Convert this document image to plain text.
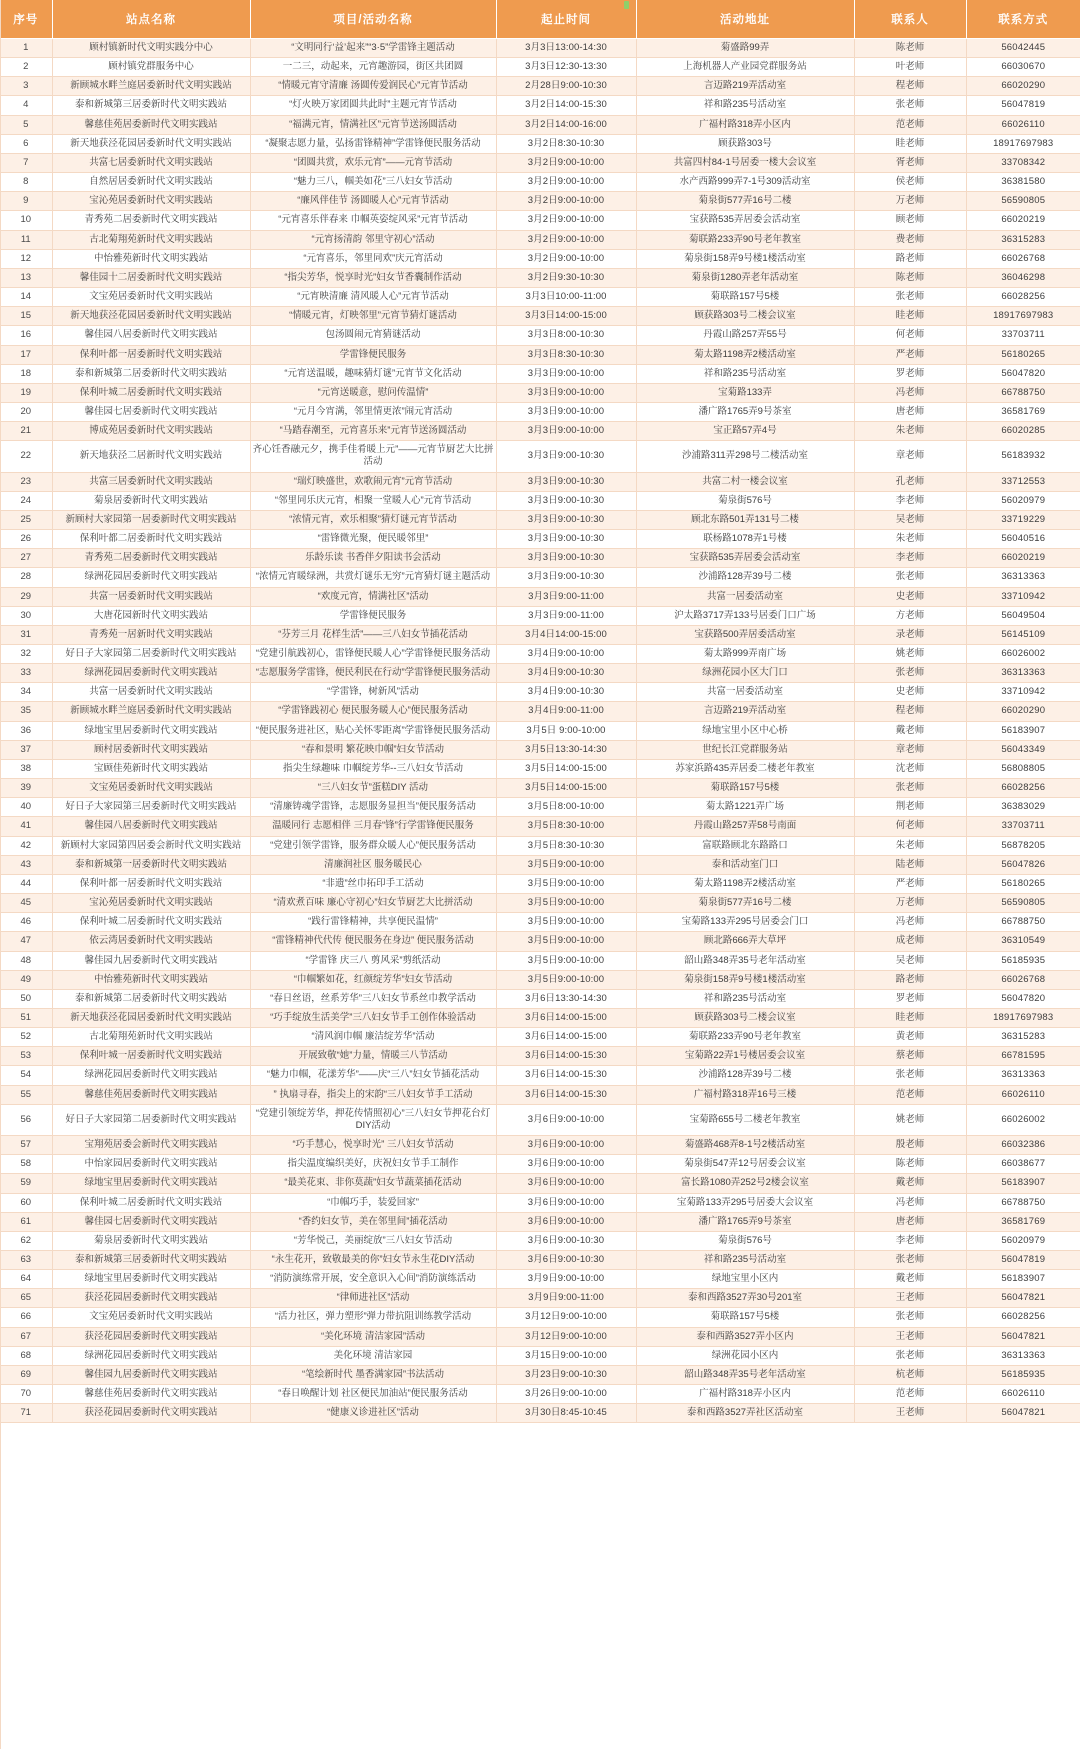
序号	站点名称	项目/活动名称	起止时间	活动地址	联系人	联系方式
1	顾村镇新时代文明实践分中心	“文明同行‘益’起来”“3·5”学雷锋主题活动	3月3日13:00-14:30	菊盛路99弄	陈老师	56042445
2	顾村镇党群服务中心	一二三，动起来，元宵趣游园，街区共团圆	3月3日12:30-13:30	上海机器人产业园党群服务站	叶老师	66030670
3	新顾城水畔兰庭居委新时代文明实践站	“情暖元宵守清廉 汤圆传爱润民心”元宵节活动	2月28日9:00-10:30	言迈路219弄活动室	程老师	66020290
4	泰和新城第三居委新时代文明实践站	“灯火映万家团圆共此时”主题元宵节活动	3月2日14:00-15:30	祥和路235号活动室	张老师	56047819
5	馨慈佳苑居委新时代文明实践站	“福满元宵，情满社区”元宵节送汤圆活动	3月2日14:00-16:00	广福村路318弄小区内	范老师	66026110
6	新天地获泾花园居委新时代文明实践站	“凝聚志愿力量，弘扬雷锋精神”学雷锋便民服务活动	3月2日8:30-10:30	顾获路303号	眭老师	18917697983
7	共富七居委新时代文明实践站	“团圆共赏，欢乐元宵”——元宵节活动	3月2日9:00-10:00	共富四村84-1号居委一楼大会议室	胥老师	33708342
8	自然居居委新时代文明实践站	“魅力三八，帼美如花”三八妇女节活动	3月2日9:00-10:00	水产西路999弄7-1号309活动室	侯老师	36381580
9	宝沁苑居委新时代文明实践站	“廉风伴佳节 汤圆暖人心”元宵节活动	3月2日9:00-10:00	菊泉街577弄16号二楼	万老师	56590805
10	青秀苑二居委新时代文明实践站	“元宵喜乐伴春来 巾帼英姿绽风采”元宵节活动	3月2日9:00-10:00	宝获路535弄居委会活动室	顾老师	66020219
11	古北菊翔苑新时代文明实践站	“元宵扬清韵 邻里守初心”活动	3月2日9:00-10:00	菊联路233弄90号老年教室	费老师	36315283
12	中怡雅苑新时代文明实践站	“元宵喜乐，邻里同欢”庆元宵活动	3月2日9:00-10:00	菊泉街158弄9号楼1楼活动室	路老师	66026768
13	馨佳园十二居委新时代文明实践站	“指尖芳华，悦享时光”妇女节香囊制作活动	3月2日9:30-10:30	菊泉街1280弄老年活动室	陈老师	36046298
14	文宝苑居委新时代文明实践站	“元宵映清廉 清风暖人心”元宵节活动	3月3日10:00-11:00	菊联路157号5楼	张老师	66028256
15	新天地获泾花园居委新时代文明实践站	“情暖元宵，灯映邻里”元宵节猜灯谜活动	3月3日14:00-15:00	顾获路303号二楼会议室	眭老师	18917697983
16	馨佳园八居委新时代文明实践站	包汤圆闹元宵猜谜活动	3月3日8:00-10:30	丹霞山路257弄55号	何老师	33703711
17	保利叶都一居委新时代文明实践站	学雷锋便民服务	3月3日8:30-10:30	菊太路1198弄2楼活动室	严老师	56180265
18	泰和新城第二居委新时代文明实践站	“元宵送温暖，趣味猜灯谜”元宵节文化活动	3月3日9:00-10:00	祥和路235号活动室	罗老师	56047820
19	保利叶城二居委新时代文明实践站	“元宵送暖意，慰问传温情”	3月3日9:00-10:00	宝菊路133弄	冯老师	66788750
20	馨佳园七居委新时代文明实践站	“元月今宵满，邻里情更浓”闹元宵活动	3月3日9:00-10:00	潘广路1765弄9号茶室	唐老师	36581769
21	博成苑居委新时代文明实践站	“马踏春潮至，元宵喜乐来”元宵节送汤圆活动	3月3日9:00-10:00	宝正路57弄4号	朱老师	66020285
22	新天地获泾二居新时代文明实践站	齐心饪香融元夕，携手佳肴暖上元”——元宵节厨艺大比拼活动	3月3日9:00-10:30	沙浦路311弄298号二楼活动室	章老师	56183932
23	共富三居委新时代文明实践站	“瑞灯映盛世，欢歌闹元宵”元宵节活动	3月3日9:00-10:30	共富二村一楼会议室	孔老师	33712553
24	菊泉居委新时代文明实践站	“邻里同乐庆元宵，相聚一堂暖人心”元宵节活动	3月3日9:00-10:30	菊泉街576号	李老师	56020979
25	新顾村大家园第一居委新时代文明实践站	“浓情元宵，欢乐相聚”猜灯谜元宵节活动	3月3日9:00-10:30	顾北东路501弄131号二楼	吴老师	33719229
26	保利叶都二居委新时代文明实践站	“雷锋微光聚，便民暖邻里”	3月3日9:00-10:30	联杨路1078弄1号楼	朱老师	56040516
27	青秀苑二居委新时代文明实践站	乐龄乐读 书香伴夕阳读书会活动	3月3日9:00-10:30	宝获路535弄居委会活动室	李老师	66020219
28	绿洲花园居委新时代文明实践站	“浓情元宵暖绿洲，共赏灯谜乐无穷”元宵猜灯谜主题活动	3月3日9:00-10:30	沙浦路128弄39号二楼	张老师	36313363
29	共富一居委新时代文明实践站	“欢度元宵，情满社区”活动	3月3日9:00-11:00	共富一居委活动室	史老师	33710942
30	大唐花园新时代文明实践站	学雷锋便民服务	3月3日9:00-11:00	沪太路3717弄133号居委门口广场	方老师	56049504
31	青秀苑一居新时代文明实践站	“芬芳三月 花样生活”——三八妇女节插花活动	3月4日14:00-15:00	宝获路500弄居委活动室	录老师	56145109
32	好日子大家园第二居委新时代文明实践站	“党建引航践初心，雷锋便民暖人心”学雷锋便民服务活动	3月4日9:00-10:00	菊太路999弄南广场	姚老师	66026002
33	绿洲花园居委新时代文明实践站	“志愿服务学雷锋，便民利民在行动”学雷锋便民服务活动	3月4日9:00-10:30	绿洲花园小区大门口	张老师	36313363
34	共富一居委新时代文明实践站	“学雷锋，树新风”活动	3月4日9:00-10:30	共富一居委活动室	史老师	33710942
35	新顾城水畔兰庭居委新时代文明实践站	“学雷锋践初心 便民服务暖人心”便民服务活动	3月4日9:00-11:00	言迈路219弄活动室	程老师	66020290
36	绿地宝里居委新时代文明实践站	“便民服务进社区，贴心关怀零距离”学雷锋便民服务活动	3月5日 9:00-10:00	绿地宝里小区中心桥	戴老师	56183907
37	顾村居委新时代文明实践站	“春和景明 繁花映巾帼”妇女节活动	3月5日13:30-14:30	世纪长江党群服务站	章老师	56043349
38	宝顾佳苑新时代文明实践站	指尖生绿趣味 巾帼绽芳华--三八妇女节活动	3月5日14:00-15:00	苏家浜路435弄居委二楼老年教室	沈老师	56808805
39	文宝苑居委新时代文明实践站	“三八妇女节”蛋糕DIY 活动	3月5日14:00-15:00	菊联路157号5楼	张老师	66028256
40	好日子大家园第三居委新时代文明实践站	“清廉铸魂学雷锋，志愿服务显担当”便民服务活动	3月5日8:00-10:00	菊太路1221弄广场	荆老师	36383029
41	馨佳园八居委新时代文明实践站	温暖同行 志愿相伴 三月春“锋”行学雷锋便民服务	3月5日8:30-10:00	丹霞山路257弄58号南面	何老师	33703711
42	新顾村大家园第四居委会新时代文明实践站	“党建引领学雷锋，服务群众暖人心”便民服务活动	3月5日8:30-10:30	富联路顾北东路路口	朱老师	56878205
43	泰和新城第一居委新时代文明实践站	清廉润社区 服务暖民心	3月5日9:00-10:00	泰和活动室门口	陆老师	56047826
44	保利叶都一居委新时代文明实践站	“非遗”丝巾拓印手工活动	3月5日9:00-10:00	菊太路1198弄2楼活动室	严老师	56180265
45	宝沁苑居委新时代文明实践站	“清欢煮百味 廉心守初心”妇女节厨艺大比拼活动	3月5日9:00-10:00	菊泉街577弄16号二楼	万老师	56590805
46	保利叶城二居委新时代文明实践站	“践行雷锋精神，共享便民温情”	3月5日9:00-10:00	宝菊路133弄295号居委会门口	冯老师	66788750
47	依云湾居委新时代文明实践站	“雷锋精神代代传 便民服务在身边” 便民服务活动	3月5日9:00-10:00	顾北路666弄大草坪	成老师	36310549
48	馨佳园九居委新时代文明实践站	“学雷锋 庆三八 剪风采”剪纸活动	3月5日9:00-10:00	韶山路348弄35号老年活动室	吴老师	56185935
49	中怡雅苑新时代文明实践站	“巾帼繁如花，红颜绽芳华”妇女节活动	3月5日9:00-10:00	菊泉街158弄9号楼1楼活动室	路老师	66026768
50	泰和新城第二居委新时代文明实践站	“春日丝语，丝系芳华”三八妇女节系丝巾教学活动	3月6日13:30-14:30	祥和路235号活动室	罗老师	56047820
51	新天地获泾花园居委新时代文明实践站	“巧手绽放生活美学”三八妇女节手工创作体验活动	3月6日14:00-15:00	顾获路303号二楼会议室	眭老师	18917697983
52	古北菊翔苑新时代文明实践站	“清风润巾帼 廉洁绽芳华”活动	3月6日14:00-15:00	菊联路233弄90号老年教室	黄老师	36315283
53	保利叶城一居委新时代文明实践站	开展致敬“她”力量，情暖三八节活动	3月6日14:00-15:30	宝菊路22弄1号楼居委会议室	蔡老师	66781595
54	绿洲花园居委新时代文明实践站	“魅力巾帼，花漾芳华”——庆“三八”妇女节插花活动	3月6日14:00-15:30	沙浦路128弄39号二楼	张老师	36313363
55	馨慈佳苑居委新时代文明实践站	” 执扇寻春，指尖上的宋韵“三八妇女节手工活动	3月6日14:00-15:30	广福村路318弄16号三楼	范老师	66026110
56	好日子大家园第二居委新时代文明实践站	“党建引领绽芳华，押花传情照初心”三八妇女节押花台灯DIY活动	3月6日9:00-10:00	宝菊路655号二楼老年教室	姚老师	66026002
57	宝翔苑居委会新时代文明实践站	“巧手慧心，悦享时光” 三八妇女节活动	3月6日9:00-10:00	菊盛路468弄8-1号2楼活动室	殷老师	66032386
58	中怡家园居委新时代文明实践站	指尖温度编织美好，庆祝妇女节手工制作	3月6日9:00-10:00	菊泉街547弄12号居委会议室	陈老师	66038677
59	绿地宝里居委新时代文明实践站	“最美花束、非你莫蔬”妇女节蔬菜插花活动	3月6日9:00-10:00	富长路1080弄252号2楼会议室	戴老师	56183907
60	保利叶城二居委新时代文明实践站	“巾帼巧手，装爱回家”	3月6日9:00-10:00	宝菊路133弄295号居委大会议室	冯老师	66788750
61	馨佳园七居委新时代文明实践站	“香约妇女节，美在邻里间”插花活动	3月6日9:00-10:00	潘广路1765弄9号茶室	唐老师	36581769
62	菊泉居委新时代文明实践站	“芳华悦己，美丽绽放”三八妇女节活动	3月6日9:00-10:30	菊泉街576号	李老师	56020979
63	泰和新城第三居委新时代文明实践站	“永生花开，致敬最美的你”妇女节永生花DIY活动	3月6日9:00-10:30	祥和路235号活动室	张老师	56047819
64	绿地宝里居委新时代文明实践站	“消防演练常开展，安全意识入心间”消防演练活动	3月9日9:00-10:00	绿地宝里小区内	戴老师	56183907
65	获泾花园居委新时代文明实践站	“律师进社区”活动	3月9日9:00-11:00	泰和西路3527弄30号201室	王老师	56047821
66	文宝苑居委新时代文明实践站	“活力社区，弹力塑形”弹力带抗阻训练教学活动	3月12日9:00-10:00	菊联路157号5楼	张老师	66028256
67	获泾花园居委新时代文明实践站	“美化环境 清洁家园”活动	3月12日9:00-10:00	泰和西路3527弄小区内	王老师	56047821
68	绿洲花园居委新时代文明实践站	美化环境 清洁家园	3月15日9:00-10:00	绿洲花园小区内	张老师	36313363
69	馨佳园九居委新时代文明实践站	“笔绘新时代 墨香满家园”书法活动	3月23日9:00-10:30	韶山路348弄35号老年活动室	杭老师	56185935
70	馨慈佳苑居委新时代文明实践站	“春日唤醒计划 社区便民加油站”便民服务活动	3月26日9:00-10:00	广福村路318弄小区内	范老师	66026110
71	获泾花园居委新时代文明实践站	“健康义诊进社区”活动	3月30日8:45-10:45	泰和西路3527弄社区活动室	王老师	56047821
